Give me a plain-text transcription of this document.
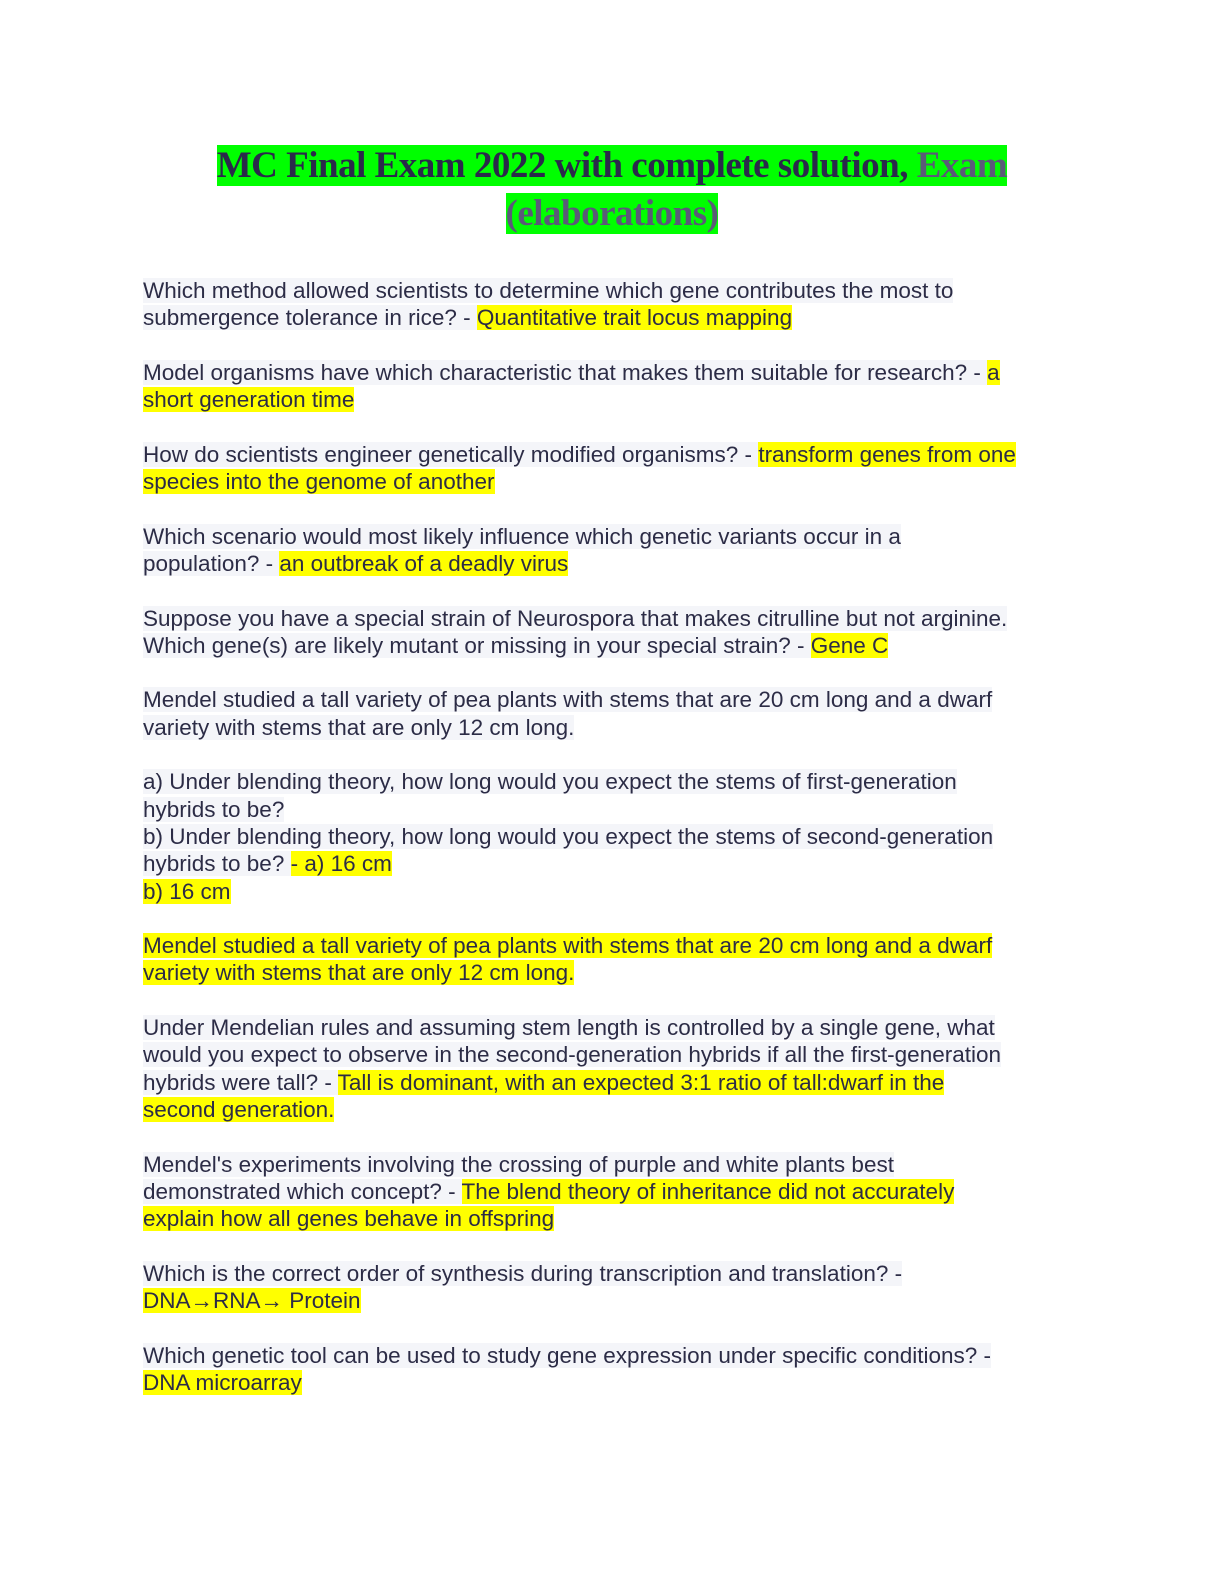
MC Final Exam 2022 with complete solution, Exam
(elaborations)
Which method allowed scientists to determine which gene contributes the most to
submergence tolerance in rice? - Quantitative trait locus mapping
Model organisms have which characteristic that makes them suitable for research? - a
short generation time
How do scientists engineer genetically modified organisms? - transform genes from one
species into the genome of another
Which scenario would most likely influence which genetic variants occur in a
population? - an outbreak of a deadly virus
Suppose you have a special strain of Neurospora that makes citrulline but not arginine.
Which gene(s) are likely mutant or missing in your special strain? - Gene C
Mendel studied a tall variety of pea plants with stems that are 20 cm long and a dwarf
variety with stems that are only 12 cm long.
a) Under blending theory, how long would you expect the stems of first-generation
hybrids to be?
b) Under blending theory, how long would you expect the stems of second-generation
hybrids to be? - a) 16 cm
b) 16 cm
Mendel studied a tall variety of pea plants with stems that are 20 cm long and a dwarf
variety with stems that are only 12 cm long.
Under Mendelian rules and assuming stem length is controlled by a single gene, what
would you expect to observe in the second-generation hybrids if all the first-generation
hybrids were tall? - Tall is dominant, with an expected 3:1 ratio of tall:dwarf in the
second generation.
Mendel's experiments involving the crossing of purple and white plants best
demonstrated which concept? - The blend theory of inheritance did not accurately
explain how all genes behave in offspring
Which is the correct order of synthesis during transcription and translation? -
DNA→RNA→ Protein
Which genetic tool can be used to study gene expression under specific conditions? -
DNA microarray
